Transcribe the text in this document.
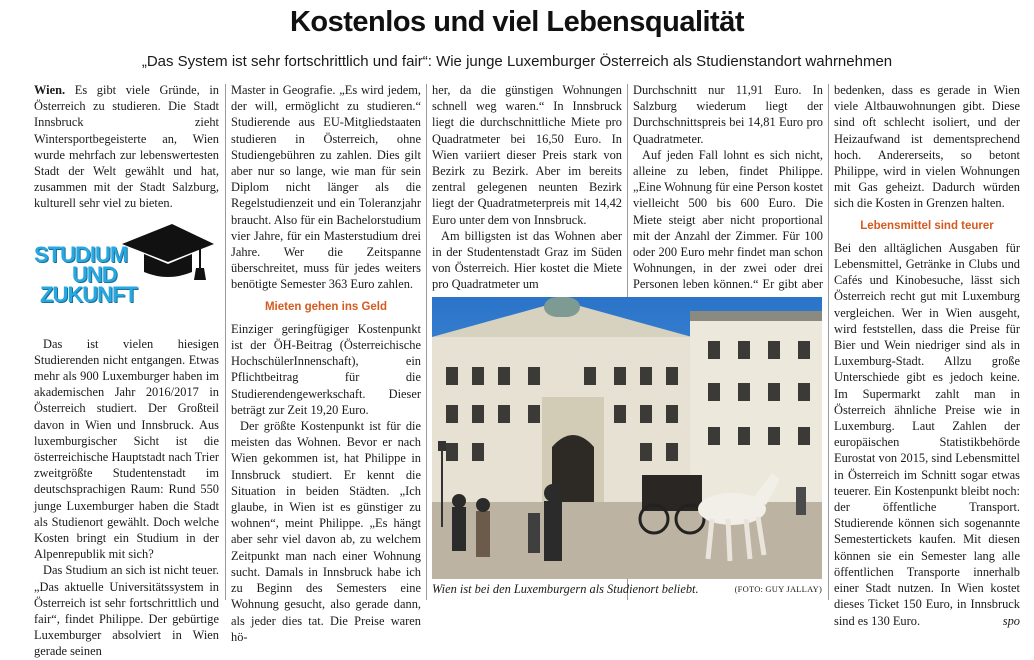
Kostenlos und viel Lebensqualität
„Das System ist sehr fortschrittlich und fair“: Wie junge Luxemburger Österreich als Studienstandort wahrnehmen

Wien. Es gibt viele Gründe, in Österreich zu studieren. Die Stadt Innsbruck zieht Wintersportbegeisterte an, Wien wurde mehrfach zur lebenswertesten Stadt der Welt gewählt und hat, zusammen mit der Stadt Salzburg, kulturell sehr viel zu bieten.

STUDIUM
UND
ZUKUNFT

Das ist vielen hiesigen Studierenden nicht entgangen. Etwas mehr als 900 Luxemburger haben im akademischen Jahr 2016/2017 in Österreich studiert. Der Großteil davon in Wien und Innsbruck. Aus luxemburgischer Sicht ist die österreichische Hauptstadt nach Trier zweitgrößte Studentenstadt im deutschsprachigen Raum: Rund 550 junge Luxemburger haben die Stadt als Studienort gewählt. Doch welche Kosten bringt ein Studium in der Alpenrepublik mit sich?

Das Studium an sich ist nicht teuer. „Das aktuelle Universitätssystem in Österreich ist sehr fortschrittlich und fair“, findet Philippe. Der gebürtige Luxemburger absolviert in Wien gerade seinen

Master in Geografie. „Es wird jedem, der will, ermöglicht zu studieren.“ Studierende aus EU-Mitgliedstaaten studieren in Österreich, ohne Studiengebühren zu zahlen. Dies gilt aber nur so lange, wie man für sein Diplom nicht länger als die Regelstudienzeit und ein Toleranzjahr braucht. Also für ein Bachelorstudium vier Jahre, für ein Masterstudium drei Jahre. Wer die Zeitspanne überschreitet, muss für jedes weiters benötigte Semester 363 Euro zahlen.

Mieten gehen ins Geld

Einziger geringfügiger Kostenpunkt ist der ÖH-Beitrag (Österreichische HochschülerInnenschaft), ein Pflichtbeitrag für die Studierendengewerkschaft. Dieser beträgt zur Zeit 19,20 Euro.

Der größte Kostenpunkt ist für die meisten das Wohnen. Bevor er nach Wien gekommen ist, hat Philippe in Innsbruck studiert. Er kennt die Situation in beiden Städten. „Ich glaube, in Wien ist es günstiger zu wohnen“, meint Philippe. „Es hängt aber sehr viel davon ab, zu welchem Zeitpunkt man nach einer Wohnung sucht. Damals in Innsbruck habe ich zu Beginn des Semesters eine Wohnung gesucht, also gerade dann, als jeder dies tat. Die Preise waren hö-

her, da die günstigen Wohnungen schnell weg waren.“ In Innsbruck liegt die durchschnittliche Miete pro Quadratmeter bei 16,50 Euro. In Wien variiert dieser Preis stark von Bezirk zu Bezirk. Aber im bereits zentral gelegenen neunten Bezirk liegt der Quadratmeterpreis mit 14,42 Euro unter dem von Innsbruck.

Am billigsten ist das Wohnen aber in der Studentenstadt Graz im Süden von Österreich. Hier kostet die Miete pro Quadratmeter um

Durchschnitt nur 11,91 Euro. In Salzburg wiederum liegt der Durchschnittspreis bei 14,81 Euro pro Quadratmeter.

Auf jeden Fall lohnt es sich nicht, alleine zu leben, findet Philippe. „Eine Wohnung für eine Person kostet vielleicht 500 bis 600 Euro. Die Miete steigt aber nicht proportional mit der Anzahl der Zimmer. Für 100 oder 200 Euro mehr findet man schon Wohnungen, in der zwei oder drei Personen leben können.“ Er gibt aber

bedenken, dass es gerade in Wien viele Altbauwohnungen gibt. Diese sind oft schlecht isoliert, und der Heizaufwand ist dementsprechend hoch. Andererseits, so betont Philippe, wird in vielen Wohnungen mit Gas geheizt. Dadurch würden sich die Kosten in Grenzen halten.

Lebensmittel sind teurer

Bei den alltäglichen Ausgaben für Lebensmittel, Getränke in Clubs und Cafés und Kinobesuche, lässt sich Österreich recht gut mit Luxemburg vergleichen. Wer in Wien ausgeht, wird feststellen, dass die Preise für Bier und Wein niedriger sind als in Luxemburg-Stadt. Allzu große Unterschiede gibt es jedoch keine. Im Supermarkt zahlt man in Österreich ähnliche Preise wie in Luxemburg. Laut Zahlen der europäischen Statistikbehörde Eurostat von 2015, sind Lebensmittel in Österreich im Schnitt sogar etwas teuerer. Ein Kostenpunkt bleibt noch: der öffentliche Transport. Studierende können sich sogenannte Semestertickets kaufen. Mit diesen können sie ein Semester lang alle öffentlichen Transporte innerhalb einer Stadt nutzen. In Wien kostet dieses Ticket 150 Euro, in Innsbruck sind es 130 Euro.	spo

Wien ist bei den Luxemburgern als Studienort beliebt.	(FOTO: GUY JALLAY)
